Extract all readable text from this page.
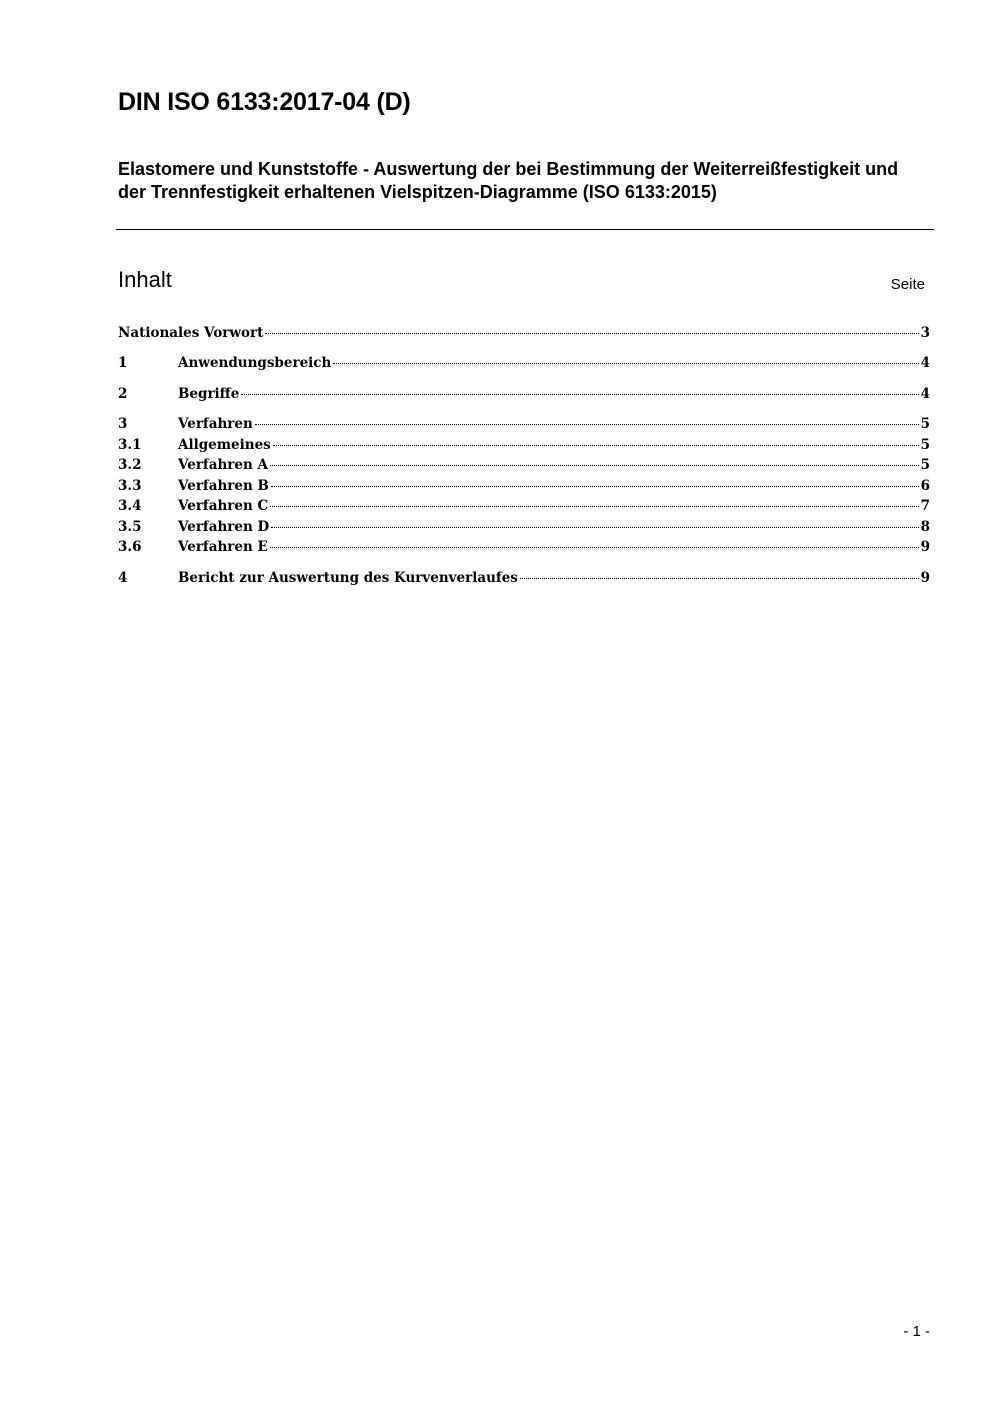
DIN ISO 6133:2017-04 (D)
Elastomere und Kunststoffe - Auswertung der bei Bestimmung der Weiterreißfestigkeit und der Trennfestigkeit erhaltenen Vielspitzen-Diagramme (ISO 6133:2015)
Inhalt	Seite
Nationales Vorwort	3
1	Anwendungsbereich	4
2	Begriffe	4
3	Verfahren	5
3.1	Allgemeines	5
3.2	Verfahren A	5
3.3	Verfahren B	6
3.4	Verfahren C	7
3.5	Verfahren D	8
3.6	Verfahren E	9
4	Bericht zur Auswertung des Kurvenverlaufes	9
- 1 -
